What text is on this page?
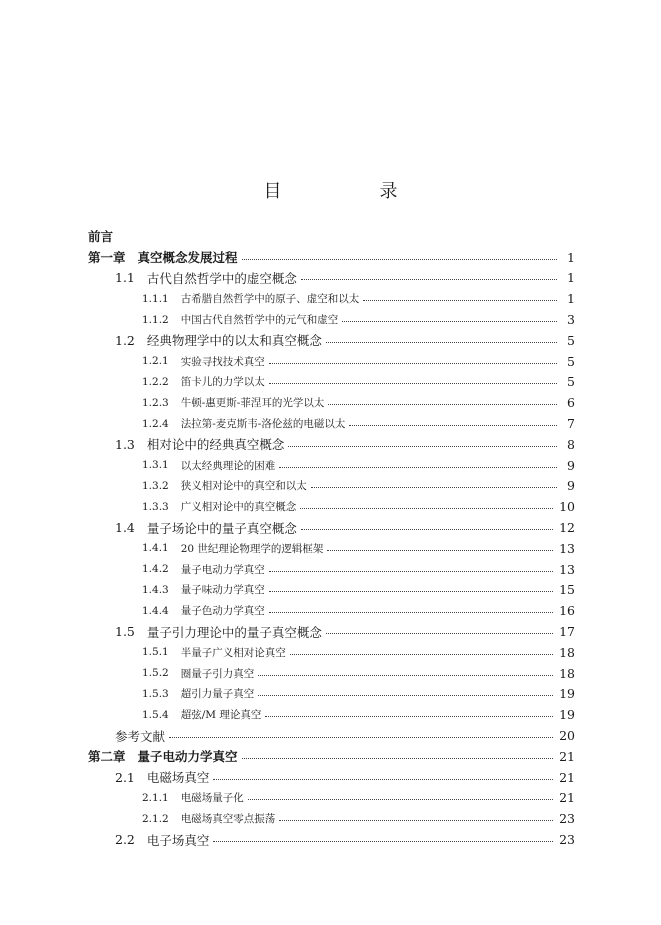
目　录
前言
第一章 真空概念发展过程	1
1.1 古代自然哲学中的虚空概念	1
1.1.1 古希腊自然哲学中的原子、虚空和以太	1
1.1.2 中国古代自然哲学中的元气和虚空	3
1.2 经典物理学中的以太和真空概念	5
1.2.1 实验寻找技术真空	5
1.2.2 笛卡儿的力学以太	5
1.2.3 牛顿-惠更斯-菲涅耳的光学以太	6
1.2.4 法拉第-麦克斯韦-洛伦兹的电磁以太	7
1.3 相对论中的经典真空概念	8
1.3.1 以太经典理论的困难	9
1.3.2 狭义相对论中的真空和以太	9
1.3.3 广义相对论中的真空概念	10
1.4 量子场论中的量子真空概念	12
1.4.1 20 世纪理论物理学的逻辑框架	13
1.4.2 量子电动力学真空	13
1.4.3 量子味动力学真空	15
1.4.4 量子色动力学真空	16
1.5 量子引力理论中的量子真空概念	17
1.5.1 半量子广义相对论真空	18
1.5.2 圈量子引力真空	18
1.5.3 超引力量子真空	19
1.5.4 超弦/M 理论真空	19
参考文献	20
第二章 量子电动力学真空	21
2.1 电磁场真空	21
2.1.1 电磁场量子化	21
2.1.2 电磁场真空零点振荡	23
2.2 电子场真空	23
